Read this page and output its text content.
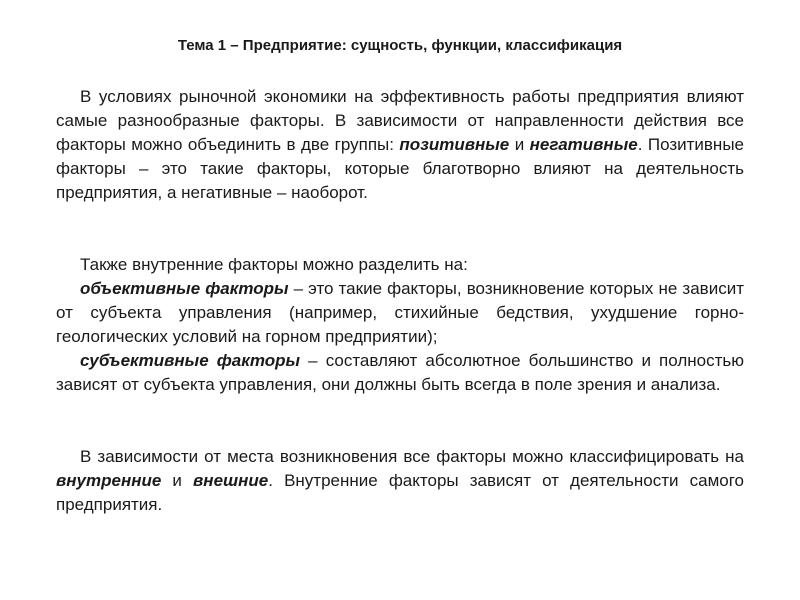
Тема 1 – Предприятие: сущность, функции, классификация
В условиях рыночной экономики на эффективность работы предприятия влияют самые разнообразные факторы. В зависимости от направленности действия все факторы можно объединить в две группы: позитивные и негативные. Позитивные факторы – это такие факторы, которые благотворно влияют на деятельность предприятия, а негативные – наоборот.
Также внутренние факторы можно разделить на:
объективные факторы – это такие факторы, возникновение которых не зависит от субъекта управления (например, стихийные бедствия, ухудшение горно-геологических условий на горном предприятии);
субъективные факторы – составляют абсолютное большинство и полностью зависят от субъекта управления, они должны быть всегда в поле зрения и анализа.
В зависимости от места возникновения все факторы можно классифицировать на внутренние и внешние. Внутренние факторы зависят от деятельности самого предприятия.
